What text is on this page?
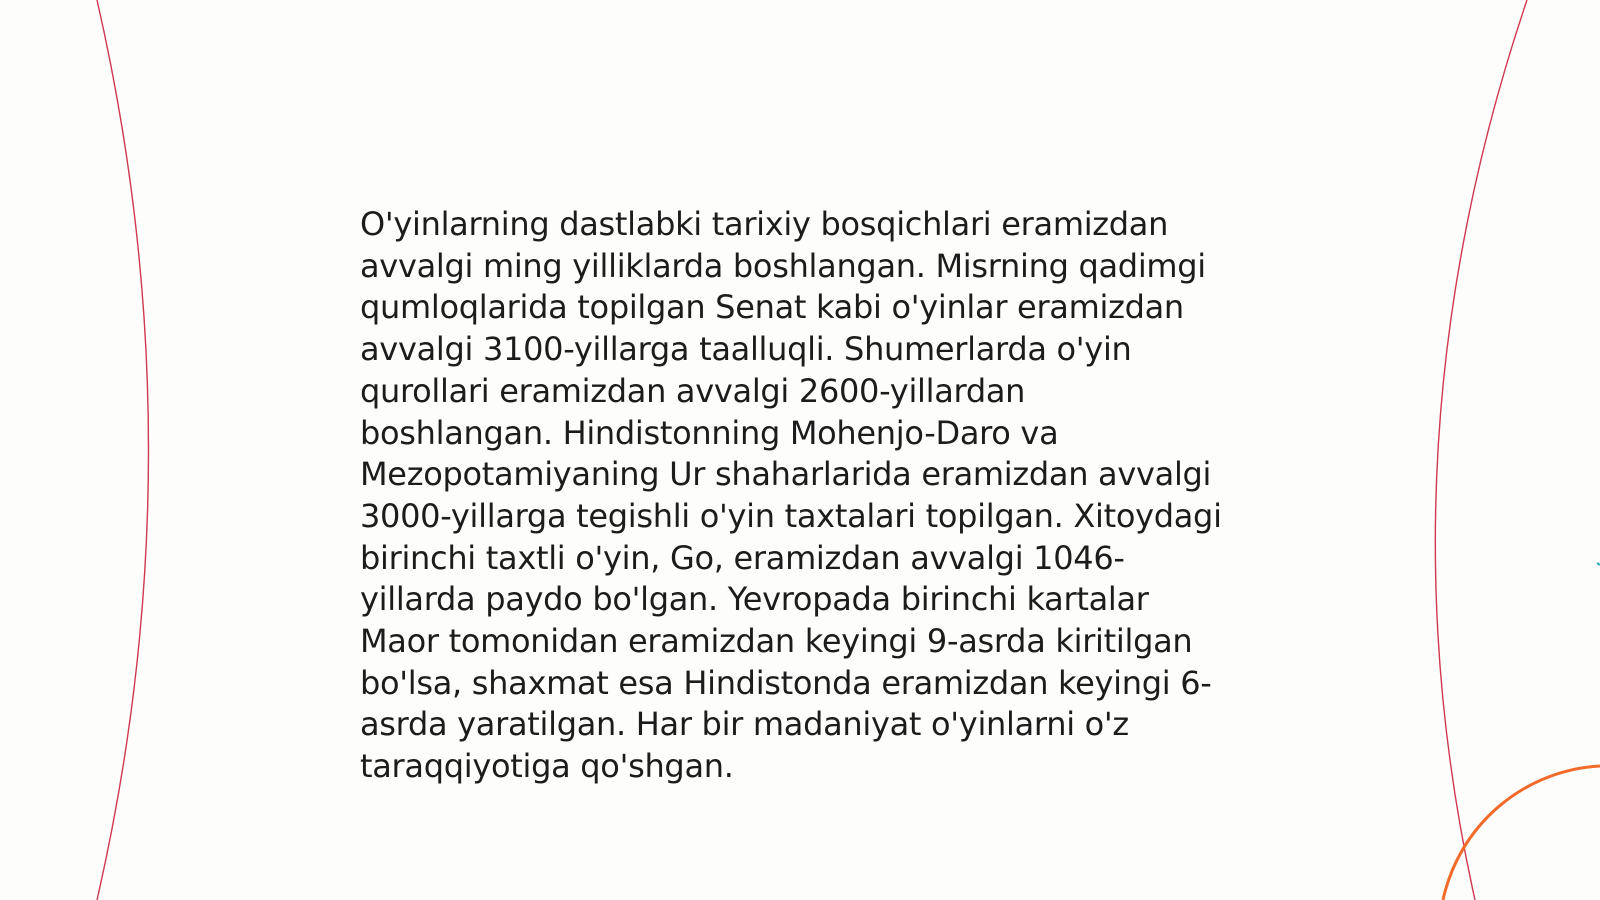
O'yinlarning dastlabki tarixiy bosqichlari eramizdan
avvalgi ming yilliklarda boshlangan. Misrning qadimgi
qumloqlarida topilgan Senat kabi o'yinlar eramizdan
avvalgi 3100-yillarga taalluqli. Shumerlarda o'yin
qurollari eramizdan avvalgi 2600-yillardan
boshlangan. Hindistonning Mohenjo-Daro va
Mezopotamiyaning Ur shaharlarida eramizdan avvalgi
3000-yillarga tegishli o'yin taxtalari topilgan. Xitoydagi
birinchi taxtli o'yin, Go, eramizdan avvalgi 1046-
yillarda paydo bo'lgan. Yevropada birinchi kartalar
Maor tomonidan eramizdan keyingi 9-asrda kiritilgan
bo'lsa, shaxmat esa Hindistonda eramizdan keyingi 6-
asrda yaratilgan. Har bir madaniyat o'yinlarni o'z
taraqqiyotiga qo'shgan.
